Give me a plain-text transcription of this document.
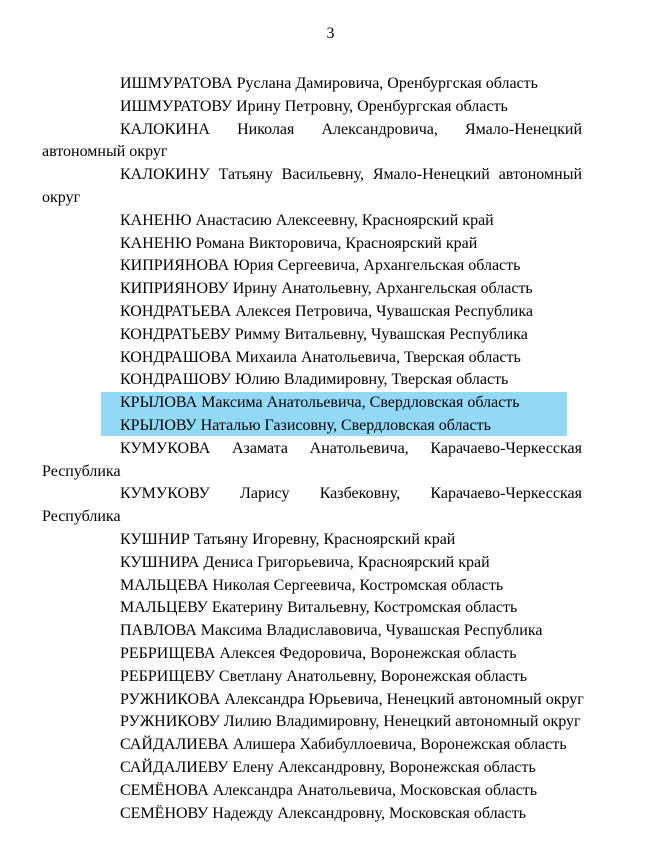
3
ИШМУРАТОВА Руслана Дамировича, Оренбургская область
ИШМУРАТОВУ Ирину Петровну, Оренбургская область
КАЛОКИНА Николая Александровича, Ямало-Ненецкий
автономный округ
КАЛОКИНУ Татьяну Васильевну, Ямало-Ненецкий автономный
округ
КАНЕНЮ Анастасию Алексеевну, Красноярский край
КАНЕНЮ Романа Викторовича, Красноярский край
КИПРИЯНОВА Юрия Сергеевича, Архангельская область
КИПРИЯНОВУ Ирину Анатольевну, Архангельская область
КОНДРАТЬЕВА Алексея Петровича, Чувашская Республика
КОНДРАТЬЕВУ Римму Витальевну, Чувашская Республика
КОНДРАШОВА Михаила Анатольевича, Тверская область
КОНДРАШОВУ Юлию Владимировну, Тверская область
КРЫЛОВА Максима Анатольевича, Свердловская область
КРЫЛОВУ Наталью Газисовну, Свердловская область
КУМУКОВА Азамата Анатольевича, Карачаево-Черкесская
Республика
КУМУКОВУ Ларису Казбековну, Карачаево-Черкесская
Республика
КУШНИР Татьяну Игоревну, Красноярский край
КУШНИРА Дениса Григорьевича, Красноярский край
МАЛЬЦЕВА Николая Сергеевича, Костромская область
МАЛЬЦЕВУ Екатерину Витальевну, Костромская область
ПАВЛОВА Максима Владиславовича, Чувашская Республика
РЕБРИЩЕВА Алексея Федоровича, Воронежская область
РЕБРИЩЕВУ Светлану Анатольевну, Воронежская область
РУЖНИКОВА Александра Юрьевича, Ненецкий автономный округ
РУЖНИКОВУ Лилию Владимировну, Ненецкий автономный округ
САЙДАЛИЕВА Алишера Хабибуллоевича, Воронежская область
САЙДАЛИЕВУ Елену Александровну, Воронежская область
СЕМЁНОВА Александра Анатольевича, Московская область
СЕМЁНОВУ Надежду Александровну, Московская область
